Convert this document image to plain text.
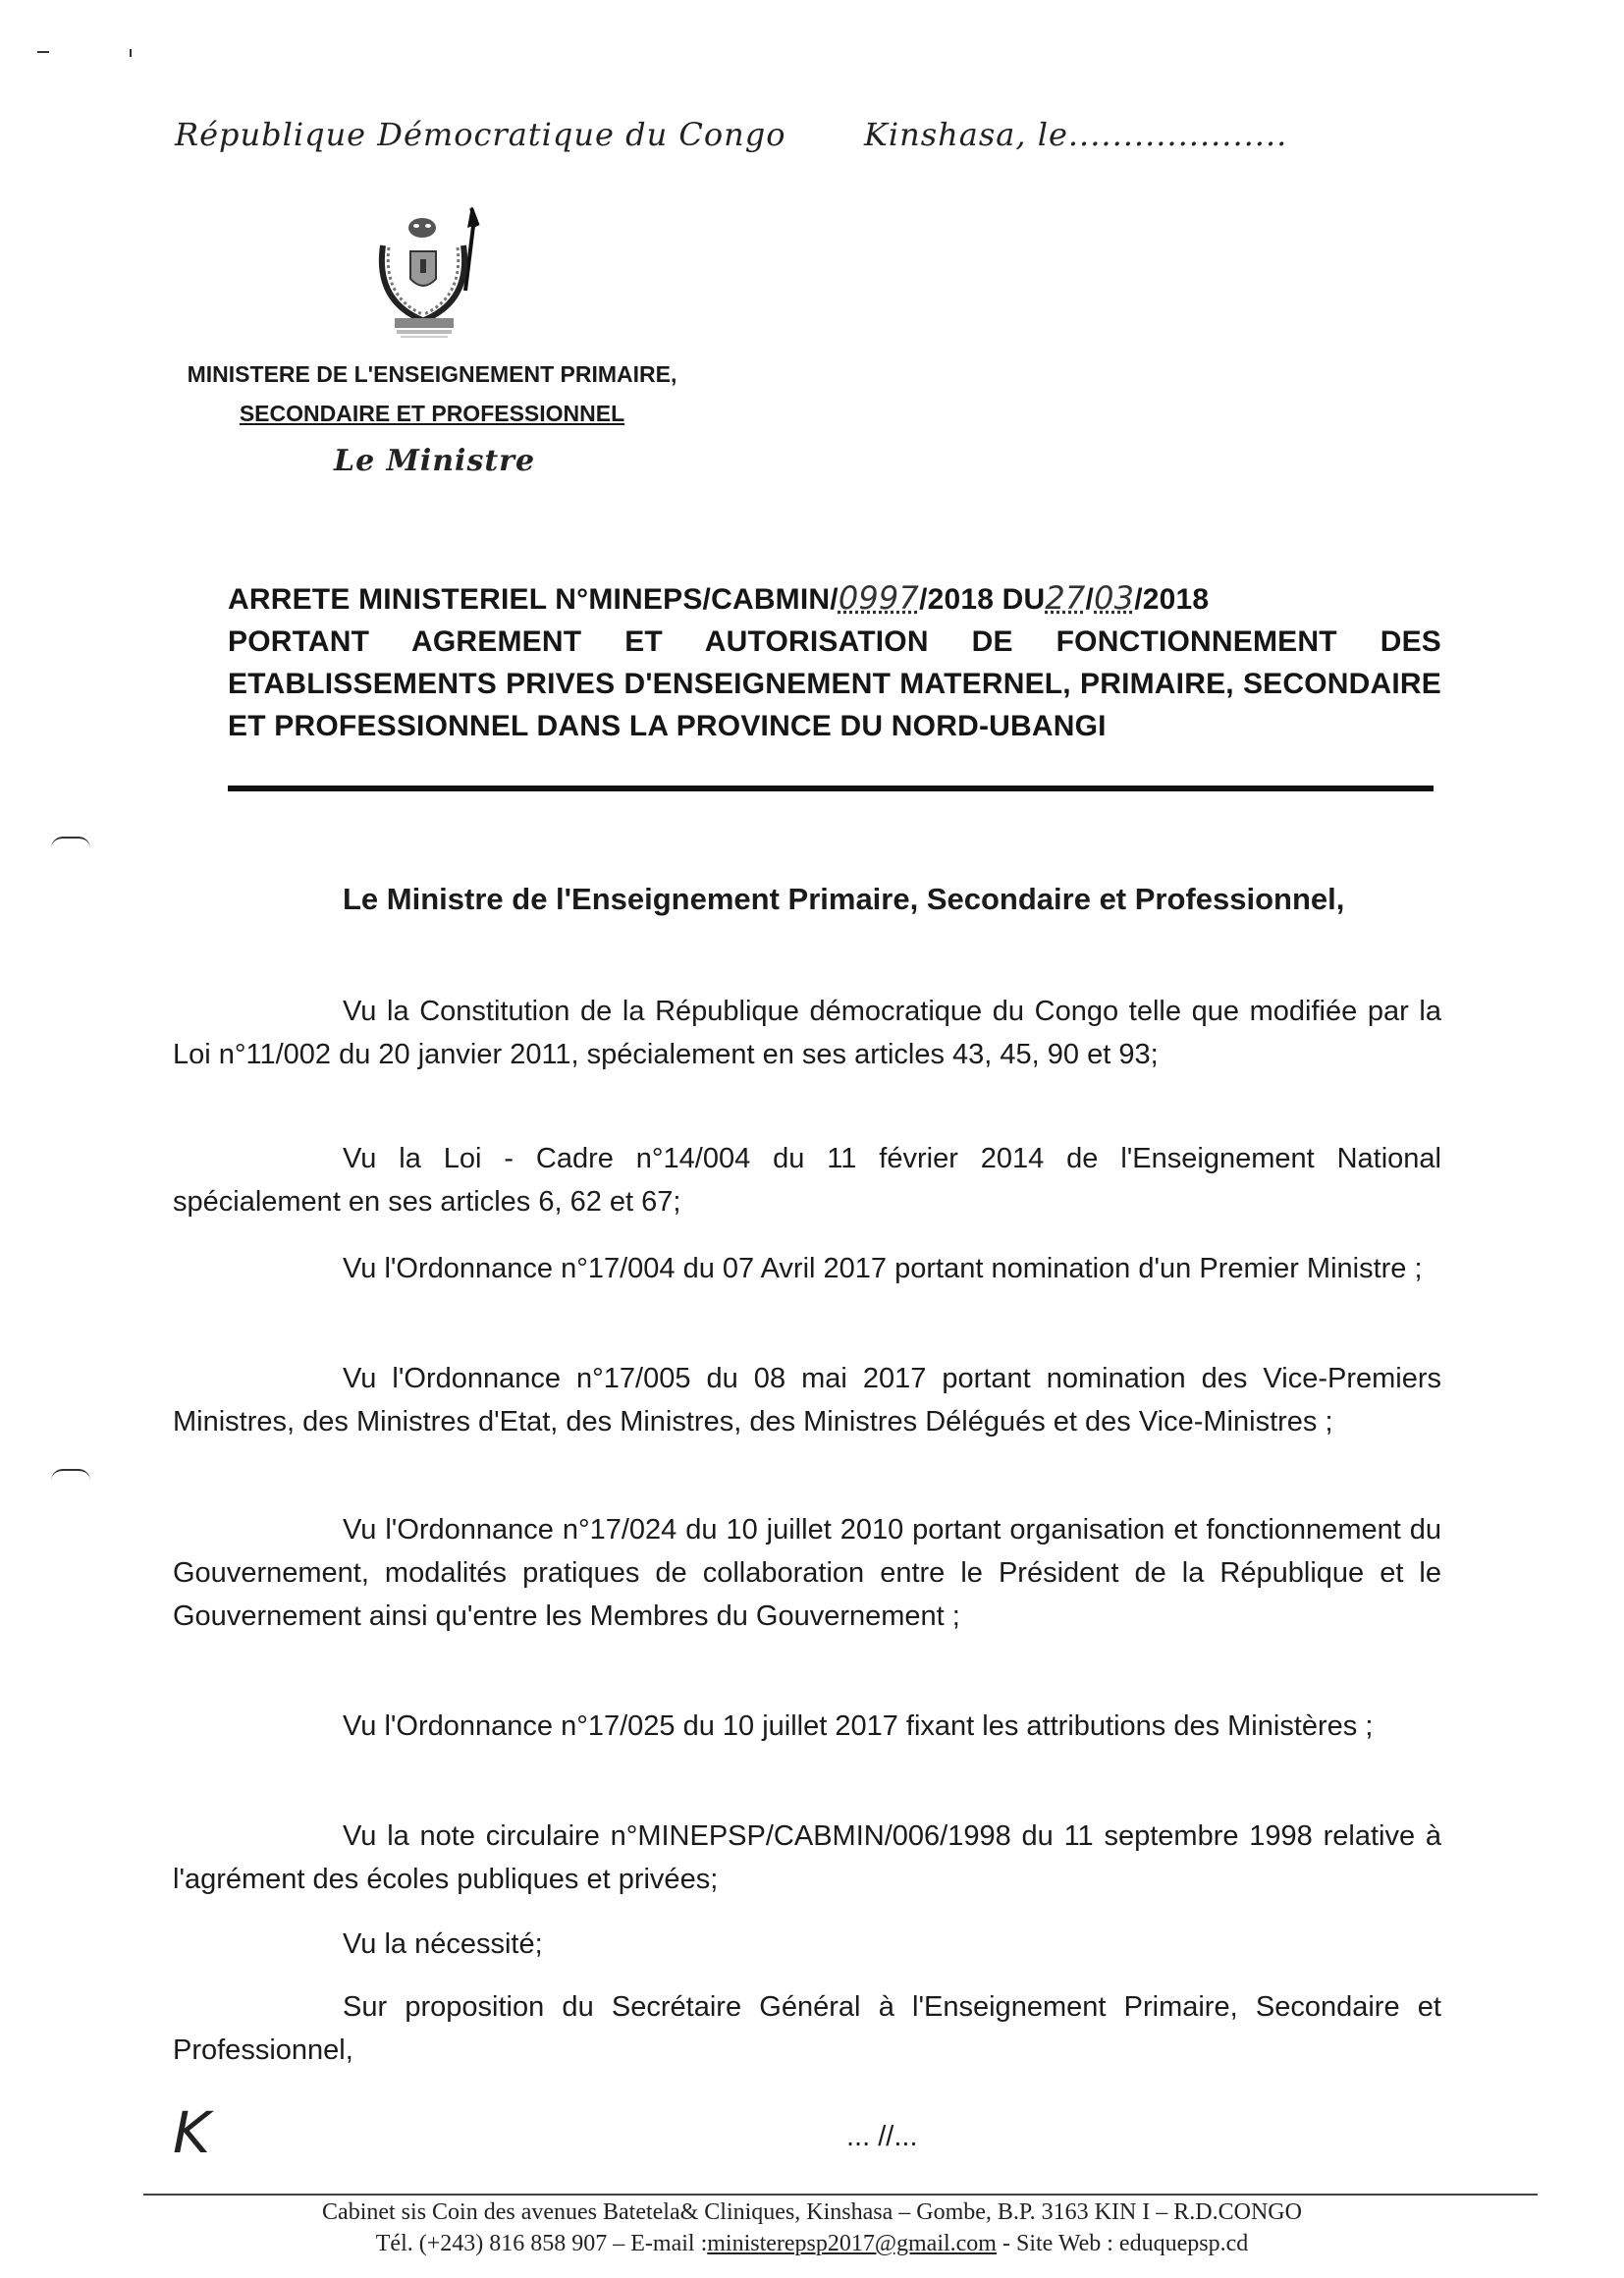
République Démocratique du Congo	Kinshasa, le....................
MINISTERE DE L'ENSEIGNEMENT PRIMAIRE,
SECONDAIRE ET PROFESSIONNEL
Le Ministre
ARRETE MINISTERIEL N°MINEPS/CABMIN/0997/2018 DU27/03/2018
PORTANT AGREMENT ET AUTORISATION DE FONCTIONNEMENT DES ETABLISSEMENTS PRIVES D'ENSEIGNEMENT MATERNEL, PRIMAIRE, SECONDAIRE ET PROFESSIONNEL DANS LA PROVINCE DU NORD-UBANGI

Le Ministre de l'Enseignement Primaire, Secondaire et Professionnel,

Vu la Constitution de la République démocratique du Congo telle que modifiée par la Loi n°11/002 du 20 janvier 2011, spécialement en ses articles 43, 45, 90 et 93;

Vu la Loi - Cadre n°14/004 du 11 février 2014 de l'Enseignement National spécialement en ses articles 6, 62 et 67;

Vu l'Ordonnance n°17/004 du 07 Avril 2017 portant nomination d'un Premier Ministre ;

Vu l'Ordonnance n°17/005 du 08 mai 2017 portant nomination des Vice-Premiers Ministres, des Ministres d'Etat, des Ministres, des Ministres Délégués et des Vice-Ministres ;

Vu l'Ordonnance n°17/024 du 10 juillet 2010 portant organisation et fonctionnement du Gouvernement, modalités pratiques de collaboration entre le Président de la République et le Gouvernement ainsi qu'entre les Membres du Gouvernement ;

Vu l'Ordonnance n°17/025 du 10 juillet 2017 fixant les attributions des Ministères ;

Vu la note circulaire n°MINEPSP/CABMIN/006/1998 du 11 septembre 1998 relative à l'agrément des écoles publiques et privées;

Vu la nécessité;

Sur proposition du Secrétaire Général à l'Enseignement Primaire, Secondaire et Professionnel,

K	... //...
Cabinet sis Coin des avenues Batetela& Cliniques, Kinshasa – Gombe, B.P. 3163 KIN I – R.D.CONGO
Tél. (+243) 816 858 907 – E-mail :ministerepsp2017@gmail.com - Site Web : eduquepsp.cd
